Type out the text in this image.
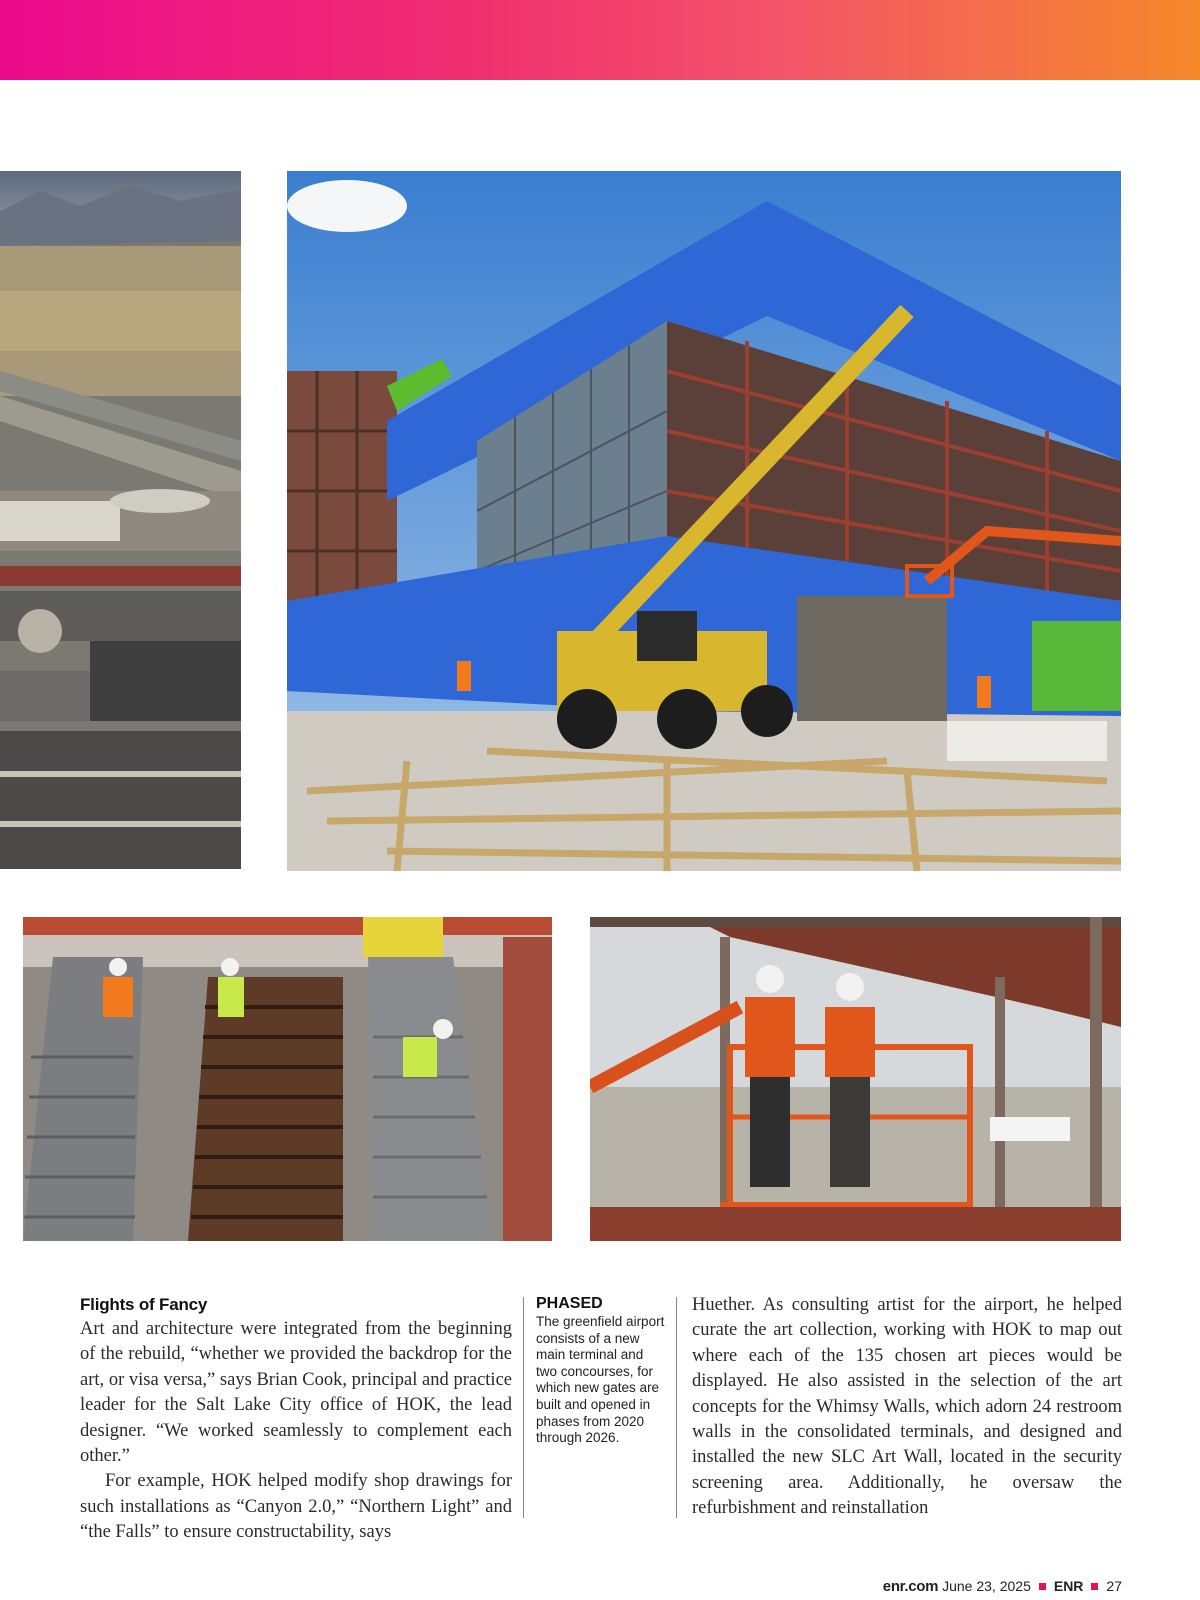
Flights of Fancy

Art and architecture were integrated from the beginning of the rebuild, “whether we provided the backdrop for the art, or visa versa,” says Brian Cook, principal and practice leader for the Salt Lake City office of HOK, the lead designer. “We worked seamlessly to complement each other.”

For example, HOK helped modify shop drawings for such installations as “Canyon 2.0,” “Northern Light” and “the Falls” to ensure constructability, says

PHASED
The greenfield airport consists of a new main terminal and two concourses, for which new gates are built and opened in phases from 2020 through 2026.

Huether. As consulting artist for the airport, he helped curate the art collection, working with HOK to map out where each of the 135 chosen art pieces would be displayed. He also assisted in the selection of the art concepts for the Whimsy Walls, which adorn 24 restroom walls in the consolidated terminals, and designed and installed the new SLC Art Wall, located in the security screening area. Additionally, he oversaw the refurbishment and reinstallation

enr.com June 23, 2025 ENR 27
